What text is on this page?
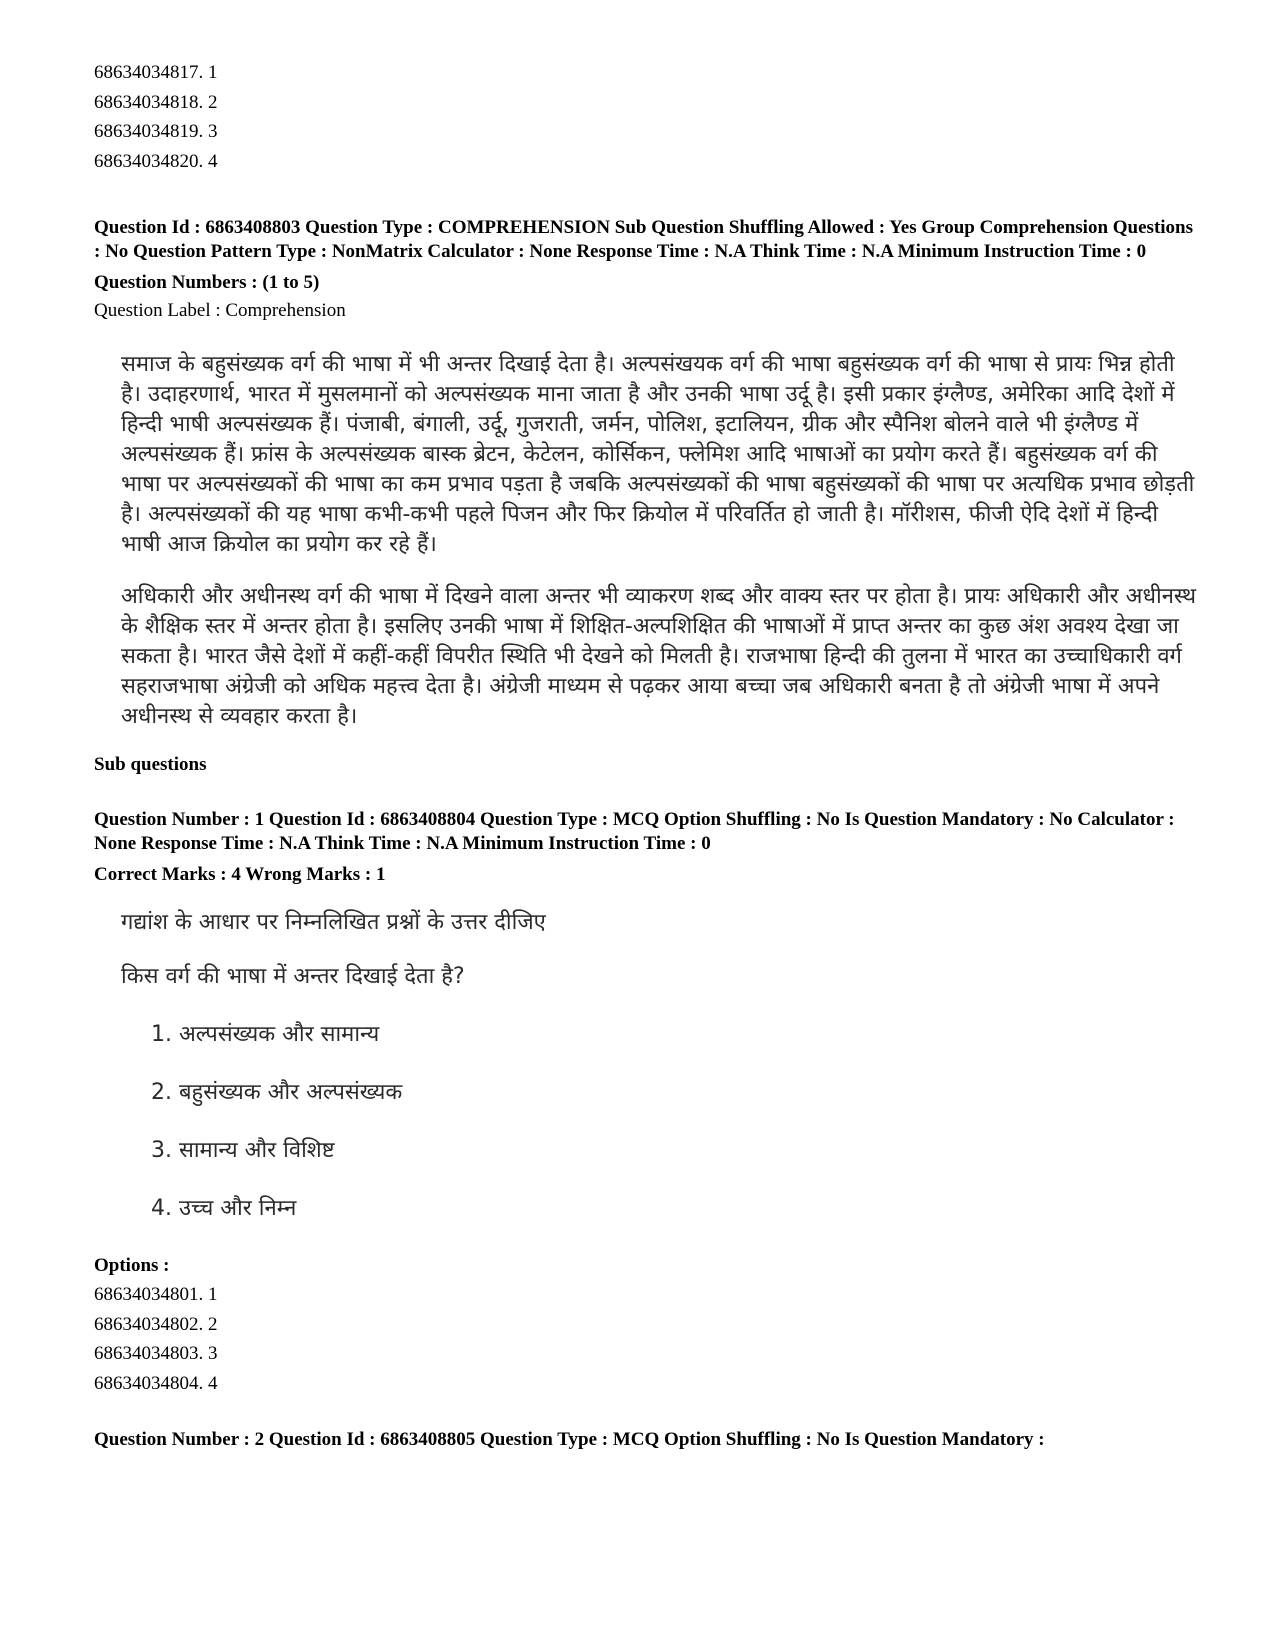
68634034817. 1
68634034818. 2
68634034819. 3
68634034820. 4
Question Id : 6863408803 Question Type : COMPREHENSION Sub Question Shuffling Allowed : Yes Group Comprehension Questions : No Question Pattern Type : NonMatrix Calculator : None Response Time : N.A Think Time : N.A Minimum Instruction Time : 0
Question Numbers : (1 to 5)
Question Label : Comprehension

समाज के बहुसंख्यक वर्ग की भाषा में भी अन्तर दिखाई देता है। अल्पसंखयक वर्ग की भाषा बहुसंख्यक वर्ग की भाषा से प्रायः भिन्न होती है। उदाहरणार्थ, भारत में मुसलमानों को अल्पसंख्यक माना जाता है और उनकी भाषा उर्दू है। इसी प्रकार इंग्लैण्ड, अमेरिका आदि देशों में हिन्दी भाषी अल्पसंख्यक हैं। पंजाबी, बंगाली, उर्दू, गुजराती, जर्मन, पोलिश, इटालियन, ग्रीक और स्पैनिश बोलने वाले भी इंग्लैण्ड में अल्पसंख्यक हैं। फ्रांस के अल्पसंख्यक बास्क ब्रेटन, केटेलन, कोर्सिकन, फ्लेमिश आदि भाषाओं का प्रयोग करते हैं। बहुसंख्यक वर्ग की भाषा पर अल्पसंख्यकों की भाषा का कम प्रभाव पड़ता है जबकि अल्पसंख्यकों की भाषा बहुसंख्यकों की भाषा पर अत्यधिक प्रभाव छोड़ती है। अल्पसंख्यकों की यह भाषा कभी-कभी पहले पिजन और फिर क्रियोल में परिवर्तित हो जाती है। मॉरीशस, फीजी ऐदि देशों में हिन्दी भाषी आज क्रियोल का प्रयोग कर रहे हैं।

अधिकारी और अधीनस्थ वर्ग की भाषा में दिखने वाला अन्तर भी व्याकरण शब्द और वाक्य स्तर पर होता है। प्रायः अधिकारी और अधीनस्थ के शैक्षिक स्तर में अन्तर होता है। इसलिए उनकी भाषा में शिक्षित-अल्पशिक्षित की भाषाओं में प्राप्त अन्तर का कुछ अंश अवश्य देखा जा सकता है। भारत जैसे देशों में कहीं-कहीं विपरीत स्थिति भी देखने को मिलती है। राजभाषा हिन्दी की तुलना में भारत का उच्चाधिकारी वर्ग सहराजभाषा अंग्रेजी को अधिक महत्त्व देता है। अंग्रेजी माध्यम से पढ़कर आया बच्चा जब अधिकारी बनता है तो अंग्रेजी भाषा में अपने अधीनस्थ से व्यवहार करता है।

Sub questions
Question Number : 1 Question Id : 6863408804 Question Type : MCQ Option Shuffling : No Is Question Mandatory : No Calculator : None Response Time : N.A Think Time : N.A Minimum Instruction Time : 0
Correct Marks : 4 Wrong Marks : 1
गद्यांश के आधार पर निम्नलिखित प्रश्नों के उत्तर दीजिए
किस वर्ग की भाषा में अन्तर दिखाई देता है?
1. अल्पसंख्यक और सामान्य
2. बहुसंख्यक और अल्पसंख्यक
3. सामान्य और विशिष्ट
4. उच्च और निम्न
Options :
68634034801. 1
68634034802. 2
68634034803. 3
68634034804. 4
Question Number : 2 Question Id : 6863408805 Question Type : MCQ Option Shuffling : No Is Question Mandatory :
